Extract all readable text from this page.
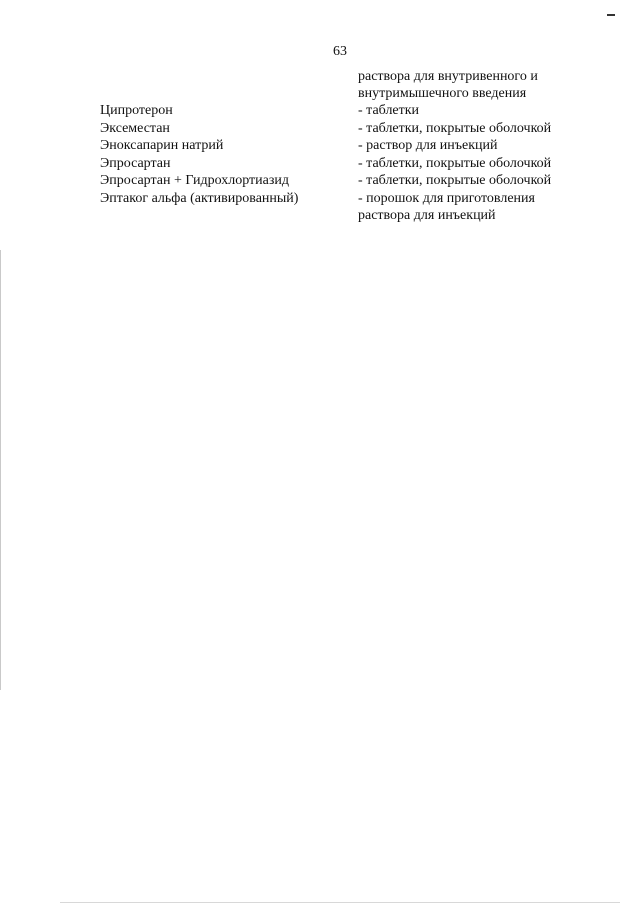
63
раствора для внутривенного и
внутримышечного введения
Ципротерон	- таблетки
Эксеместан	- таблетки, покрытые оболочкой
Эноксапарин натрий	- раствор для инъекций
Эпросартан	- таблетки, покрытые оболочкой
Эпросартан + Гидрохлортиазид	- таблетки, покрытые оболочкой
Эптаког альфа (активированный)	- порошок для приготовления
раствора для инъекций
